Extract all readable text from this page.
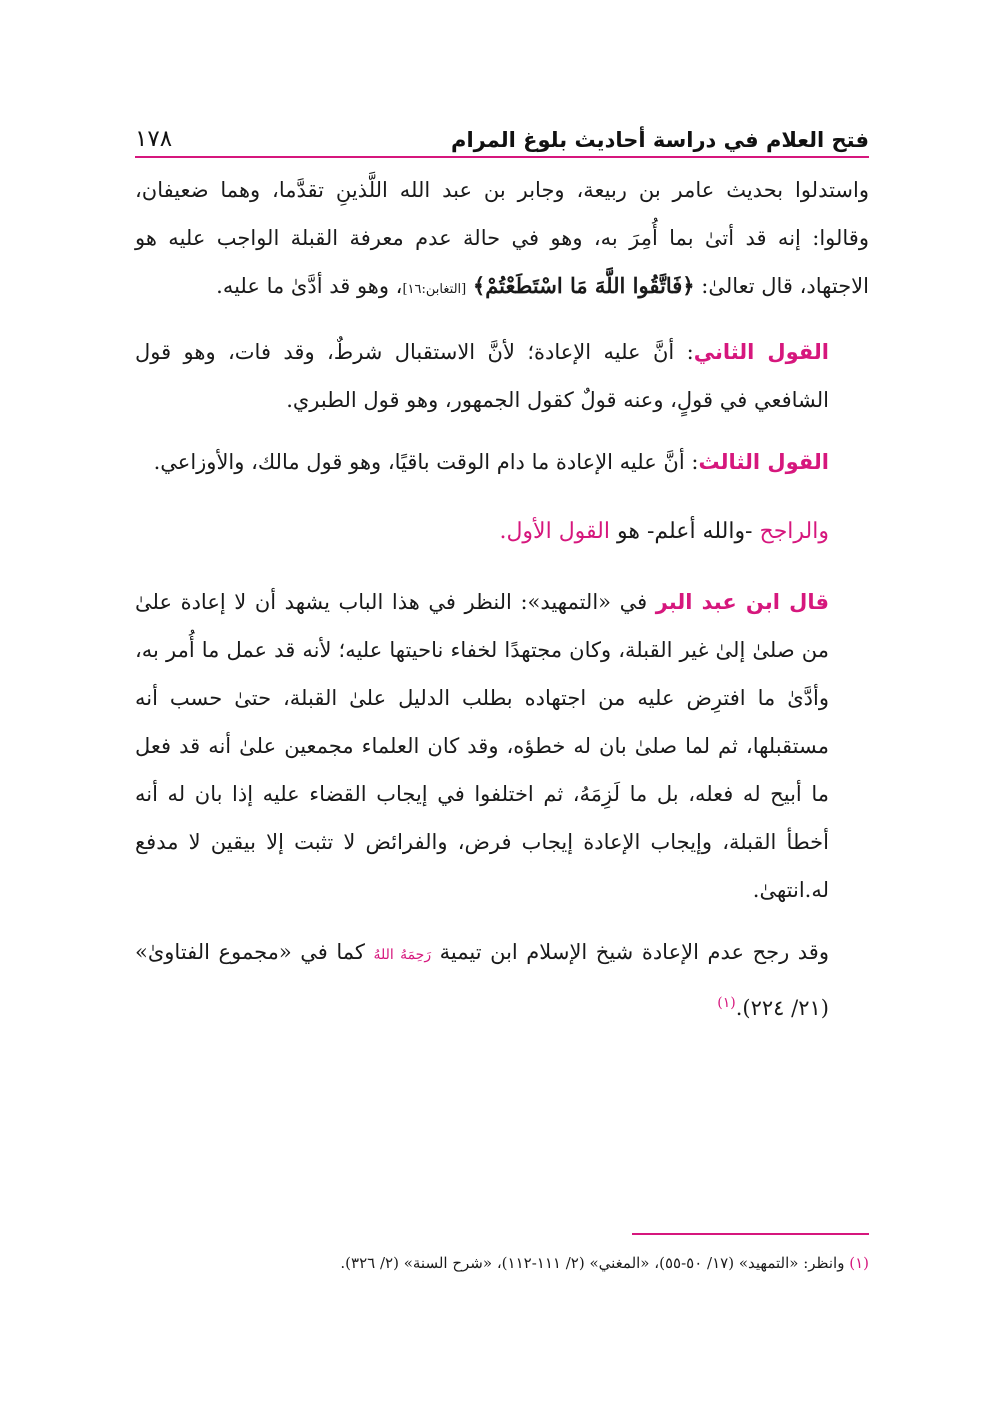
١٧٨	فتح العلام في دراسة أحاديث بلوغ المرام

واستدلوا بحديث عامر بن ربيعة، وجابر بن عبد الله اللَّذينِ تقدَّما، وهما ضعيفان، وقالوا: إنه قد أتىٰ بما أُمِرَ به، وهو في حالة عدم معرفة القبلة الواجب عليه هو الاجتهاد، قال تعالىٰ: ﴿فَاتَّقُوا اللَّهَ مَا اسْتَطَعْتُمْ﴾ [التغابن:١٦]، وهو قد أدَّىٰ ما عليه.

القول الثاني: أنَّ عليه الإعادة؛ لأنَّ الاستقبال شرطٌ، وقد فات، وهو قول الشافعي في قولٍ، وعنه قولٌ كقول الجمهور، وهو قول الطبري.

القول الثالث: أنَّ عليه الإعادة ما دام الوقت باقيًا، وهو قول مالك، والأوزاعي.

والراجح -والله أعلم- هو القول الأول.

قال ابن عبد البر في «التمهيد»: النظر في هذا الباب يشهد أن لا إعادة علىٰ من صلىٰ إلىٰ غير القبلة، وكان مجتهدًا لخفاء ناحيتها عليه؛ لأنه قد عمل ما أُمر به، وأدَّىٰ ما افترِض عليه من اجتهاده بطلب الدليل علىٰ القبلة، حتىٰ حسب أنه مستقبلها، ثم لما صلىٰ بان له خطؤه، وقد كان العلماء مجمعين علىٰ أنه قد فعل ما أبيح له فعله، بل ما لَزِمَهُ، ثم اختلفوا في إيجاب القضاء عليه إذا بان له أنه أخطأ القبلة، وإيجاب الإعادة إيجاب فرض، والفرائض لا تثبت إلا بيقين لا مدفع له.انتهىٰ.

وقد رجح عدم الإعادة شيخ الإسلام ابن تيمية رَحِمَهُ اللهُ كما في «مجموع الفتاوىٰ» (٢١/ ٢٢٤).$^{(١)}$

(١) وانظر: «التمهيد» (١٧/ ٥٠-٥٥)، «المغني» (٢/ ١١١-١١٢)، «شرح السنة» (٢/ ٣٢٦).
